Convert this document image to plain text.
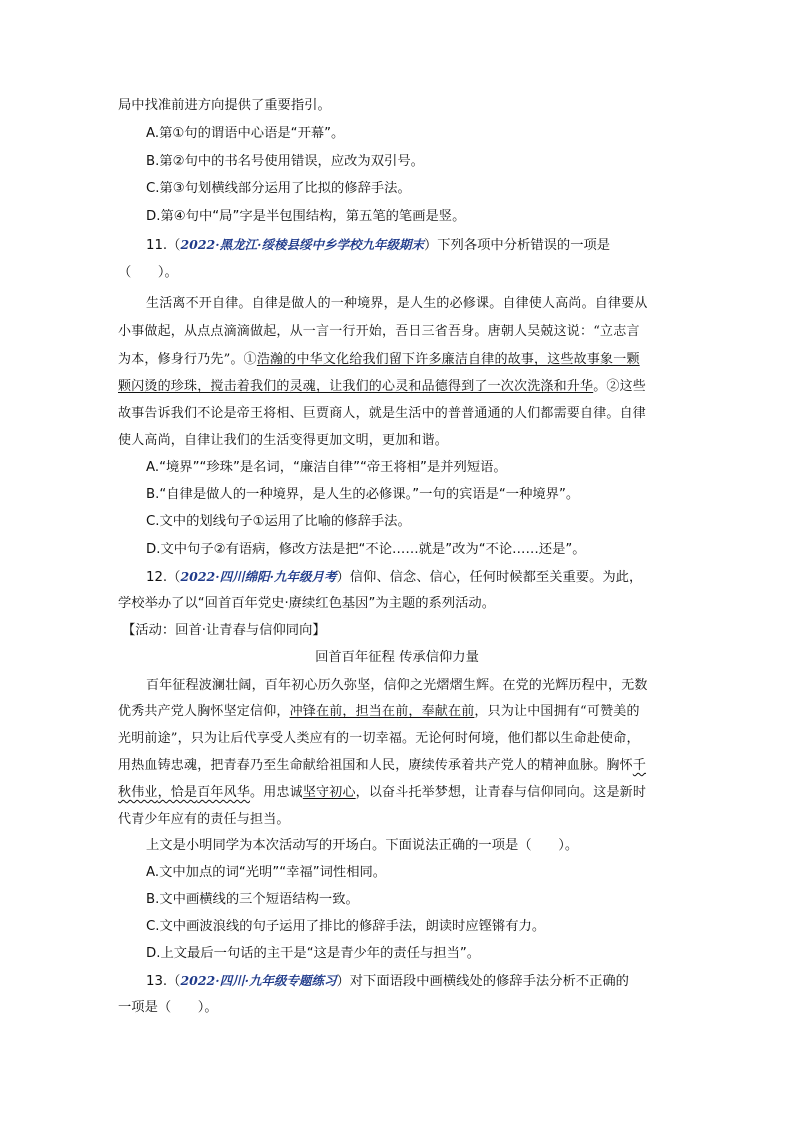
局中找准前进方向提供了重要指引。
A.第①句的谓语中心语是“开幕”。
B.第②句中的书名号使用错误，应改为双引号。
C.第③句划横线部分运用了比拟的修辞手法。
D.第④句中“局”字是半包围结构，第五笔的笔画是竖。
11.（2022·黑龙江·绥棱县绥中乡学校九年级期末）下列各项中分析错误的一项是
（　　）。
生活离不开自律。自律是做人的一种境界，是人生的必修课。自律使人高尚。自律要从
小事做起，从点点滴滴做起，从一言一行开始，吾日三省吾身。唐朝人吴兢这说：“立志言
为本，修身行乃先”。①浩瀚的中华文化给我们留下许多廉洁自律的故事，这些故事象一颗
颗闪烫的珍珠，搅击着我们的灵魂，让我们的心灵和品德得到了一次次洗涤和升华。②这些
故事告诉我们不论是帝王将相、巨贾商人，就是生活中的普普通通的人们都需要自律。自律
使人高尚，自律让我们的生活变得更加文明，更加和谐。
A.“境界”“珍珠”是名词，“廉洁自律”“帝王将相”是并列短语。
B.“自律是做人的一种境界，是人生的必修课。”一句的宾语是“一种境界”。
C.文中的划线句子①运用了比喻的修辞手法。
D.文中句子②有语病，修改方法是把“不论……就是”改为“不论……还是”。
12.（2022·四川绵阳·九年级月考）信仰、信念、信心，任何时候都至关重要。为此，
学校举办了以“回首百年党史·赓续红色基因”为主题的系列活动。
【活动：回首·让青春与信仰同向】
回首百年征程 传承信仰力量
百年征程波澜壮阔，百年初心历久弥坚，信仰之光熠熠生辉。在党的光辉历程中，无数
优秀共产党人胸怀坚定信仰，冲锋在前，担当在前，奉献在前，只为让中国拥有“可赞美的
光明前途”，只为让后代享受人类应有的一切幸福。无论何时何境，他们都以生命赴使命，
用热血铸忠魂，把青春乃至生命献给祖国和人民，赓续传承着共产党人的精神血脉。胸怀千
秋伟业，恰是百年风华。用忠诚坚守初心，以奋斗托举梦想，让青春与信仰同向。这是新时
代青少年应有的责任与担当。
上文是小明同学为本次活动写的开场白。下面说法正确的一项是（　　）。
A.文中加点的词“光明”“幸福”词性相同。
B.文中画横线的三个短语结构一致。
C.文中画波浪线的句子运用了排比的修辞手法，朗读时应铿锵有力。
D.上文最后一句话的主干是“这是青少年的责任与担当”。
13.（2022·四川·九年级专题练习）对下面语段中画横线处的修辞手法分析不正确的
一项是（　　）。
